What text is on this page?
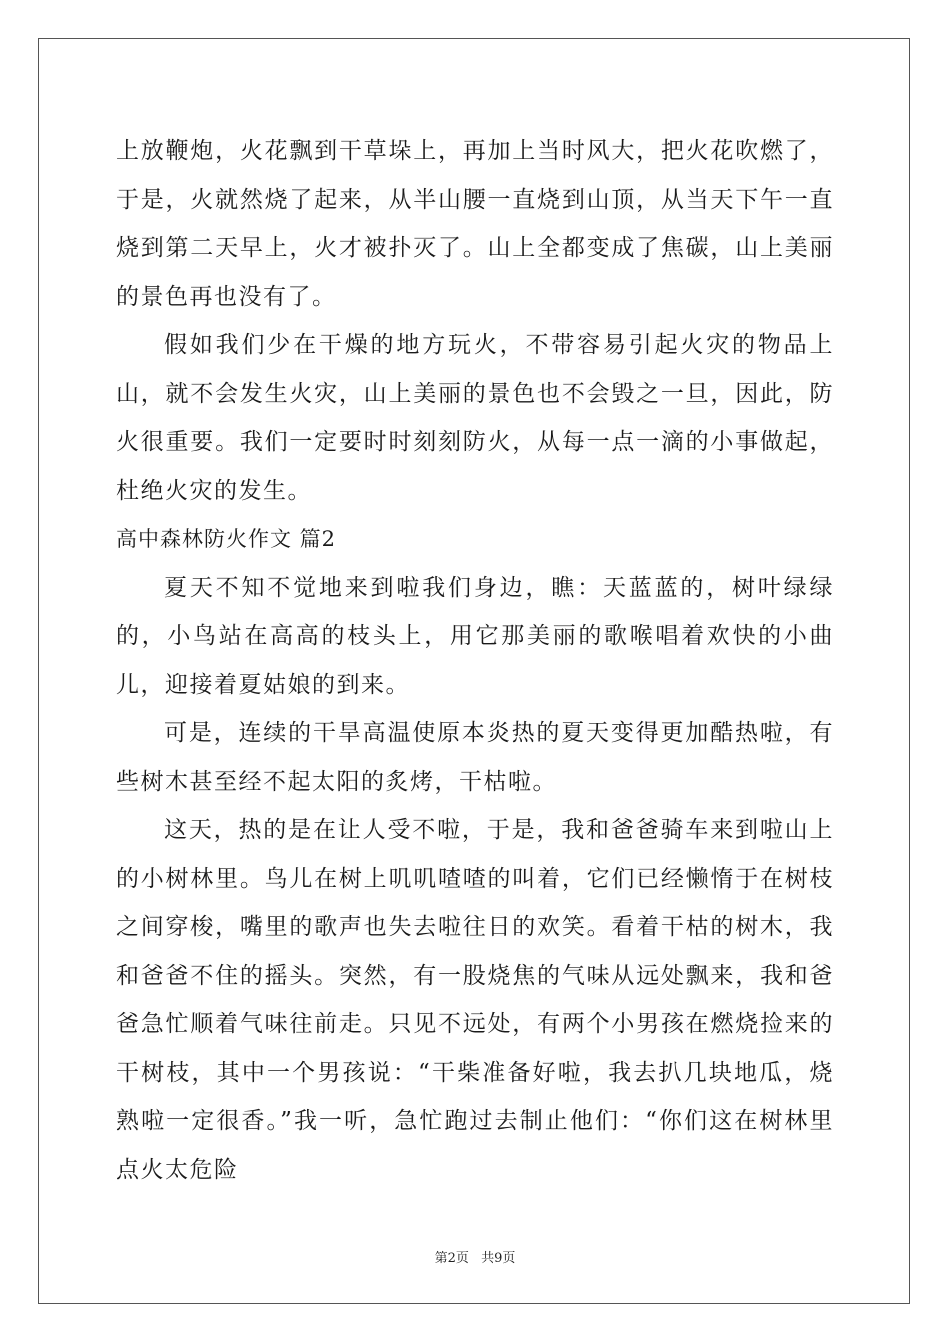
上放鞭炮，火花飘到干草垛上，再加上当时风大，把火花吹燃了，于是，火就然烧了起来，从半山腰一直烧到山顶，从当天下午一直烧到第二天早上，火才被扑灭了。山上全都变成了焦碳，山上美丽的景色再也没有了。

假如我们少在干燥的地方玩火，不带容易引起火灾的物品上山，就不会发生火灾，山上美丽的景色也不会毁之一旦，因此，防火很重要。我们一定要时时刻刻防火，从每一点一滴的小事做起，杜绝火灾的发生。

高中森林防火作文 篇2

夏天不知不觉地来到啦我们身边，瞧：天蓝蓝的，树叶绿绿的，小鸟站在高高的枝头上，用它那美丽的歌喉唱着欢快的小曲儿，迎接着夏姑娘的到来。

可是，连续的干旱高温使原本炎热的夏天变得更加酷热啦，有些树木甚至经不起太阳的炙烤，干枯啦。

这天，热的是在让人受不啦，于是，我和爸爸骑车来到啦山上的小树林里。鸟儿在树上叽叽喳喳的叫着，它们已经懒惰于在树枝之间穿梭，嘴里的歌声也失去啦往日的欢笑。看着干枯的树木，我和爸爸不住的摇头。突然，有一股烧焦的气味从远处飘来，我和爸爸急忙顺着气味往前走。只见不远处，有两个小男孩在燃烧捡来的干树枝，其中一个男孩说：“干柴准备好啦，我去扒几块地瓜，烧熟啦一定很香。”我一听，急忙跑过去制止他们：“你们这在树林里点火太危险

第2页 共9页
